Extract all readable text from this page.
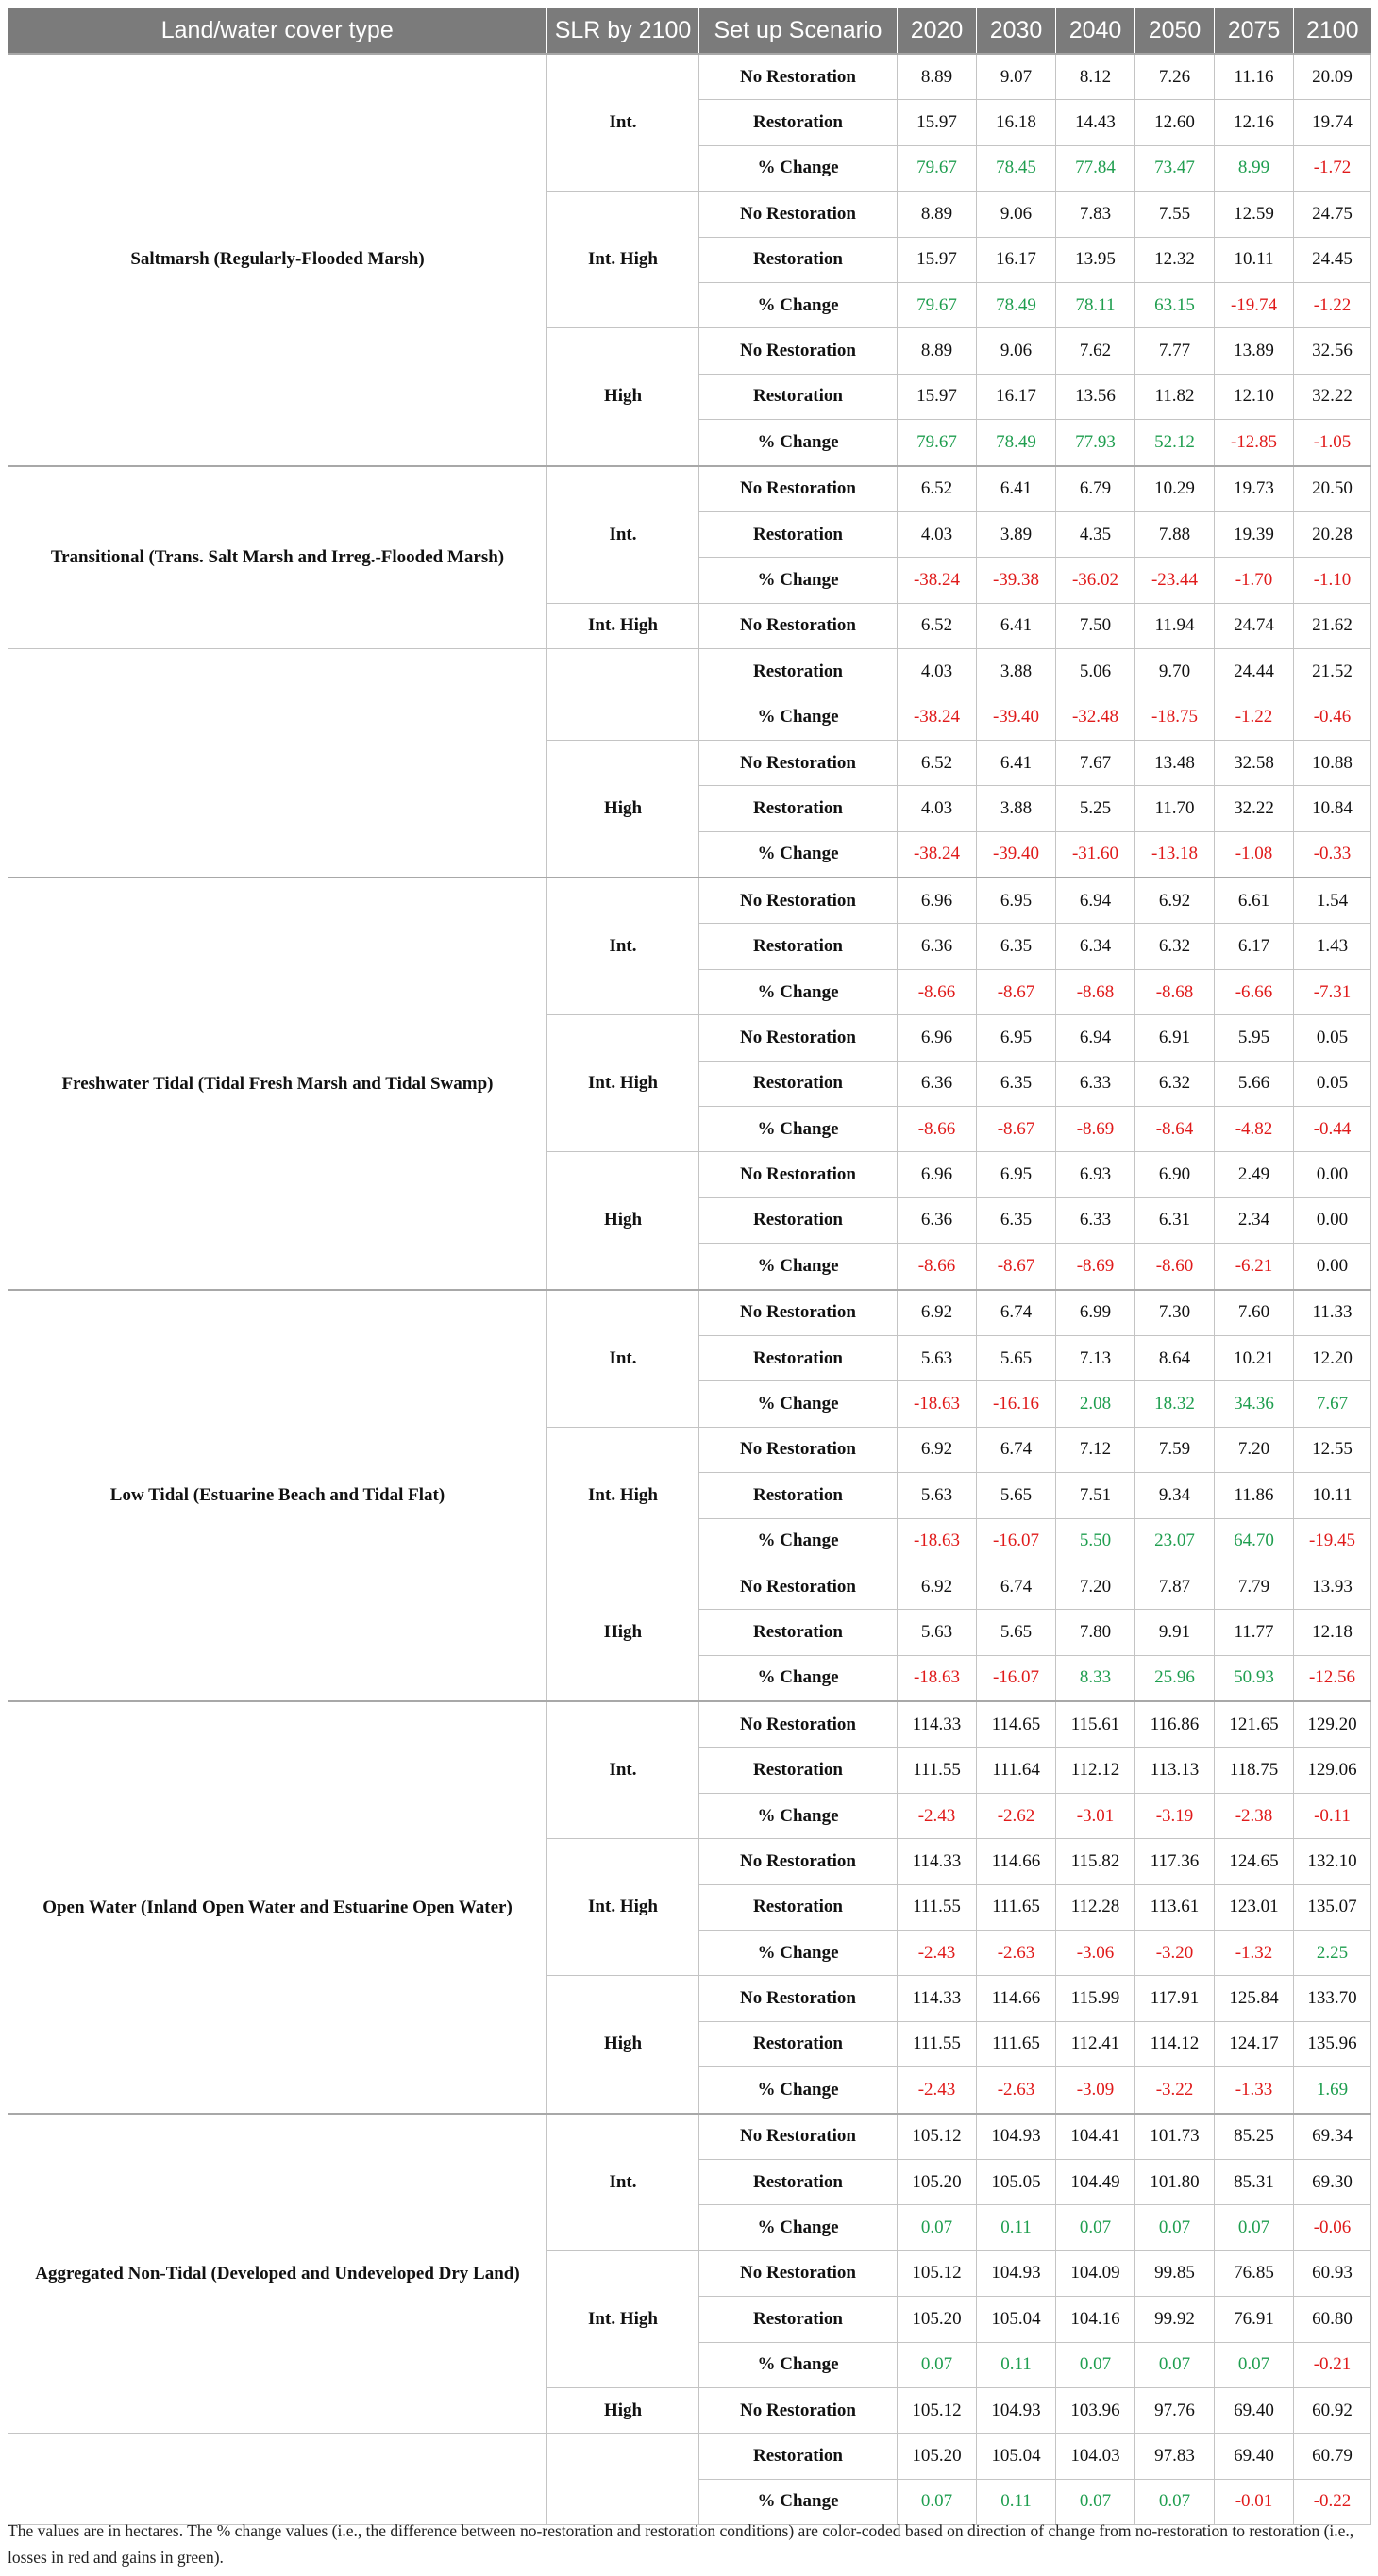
Land/water cover type	SLR by 2100	Set up Scenario	2020	2030	2040	2050	2075	2100
Saltmarsh (Regularly-Flooded Marsh)	Int.	No Restoration	8.89	9.07	8.12	7.26	11.16	20.09
		Restoration	15.97	16.18	14.43	12.60	12.16	19.74
		% Change	79.67	78.45	77.84	73.47	8.99	-1.72
	Int. High	No Restoration	8.89	9.06	7.83	7.55	12.59	24.75
		Restoration	15.97	16.17	13.95	12.32	10.11	24.45
		% Change	79.67	78.49	78.11	63.15	-19.74	-1.22
	High	No Restoration	8.89	9.06	7.62	7.77	13.89	32.56
		Restoration	15.97	16.17	13.56	11.82	12.10	32.22
		% Change	79.67	78.49	77.93	52.12	-12.85	-1.05
Transitional (Trans. Salt Marsh and Irreg.-Flooded Marsh)	Int.	No Restoration	6.52	6.41	6.79	10.29	19.73	20.50
		Restoration	4.03	3.89	4.35	7.88	19.39	20.28
		% Change	-38.24	-39.38	-36.02	-23.44	-1.70	-1.10
	Int. High	No Restoration	6.52	6.41	7.50	11.94	24.74	21.62
		Restoration	4.03	3.88	5.06	9.70	24.44	21.52
		% Change	-38.24	-39.40	-32.48	-18.75	-1.22	-0.46
	High	No Restoration	6.52	6.41	7.67	13.48	32.58	10.88
		Restoration	4.03	3.88	5.25	11.70	32.22	10.84
		% Change	-38.24	-39.40	-31.60	-13.18	-1.08	-0.33
Freshwater Tidal (Tidal Fresh Marsh and Tidal Swamp)	Int.	No Restoration	6.96	6.95	6.94	6.92	6.61	1.54
		Restoration	6.36	6.35	6.34	6.32	6.17	1.43
		% Change	-8.66	-8.67	-8.68	-8.68	-6.66	-7.31
	Int. High	No Restoration	6.96	6.95	6.94	6.91	5.95	0.05
		Restoration	6.36	6.35	6.33	6.32	5.66	0.05
		% Change	-8.66	-8.67	-8.69	-8.64	-4.82	-0.44
	High	No Restoration	6.96	6.95	6.93	6.90	2.49	0.00
		Restoration	6.36	6.35	6.33	6.31	2.34	0.00
		% Change	-8.66	-8.67	-8.69	-8.60	-6.21	0.00
Low Tidal (Estuarine Beach and Tidal Flat)	Int.	No Restoration	6.92	6.74	6.99	7.30	7.60	11.33
		Restoration	5.63	5.65	7.13	8.64	10.21	12.20
		% Change	-18.63	-16.16	2.08	18.32	34.36	7.67
	Int. High	No Restoration	6.92	6.74	7.12	7.59	7.20	12.55
		Restoration	5.63	5.65	7.51	9.34	11.86	10.11
		% Change	-18.63	-16.07	5.50	23.07	64.70	-19.45
	High	No Restoration	6.92	6.74	7.20	7.87	7.79	13.93
		Restoration	5.63	5.65	7.80	9.91	11.77	12.18
		% Change	-18.63	-16.07	8.33	25.96	50.93	-12.56
Open Water (Inland Open Water and Estuarine Open Water)	Int.	No Restoration	114.33	114.65	115.61	116.86	121.65	129.20
		Restoration	111.55	111.64	112.12	113.13	118.75	129.06
		% Change	-2.43	-2.62	-3.01	-3.19	-2.38	-0.11
	Int. High	No Restoration	114.33	114.66	115.82	117.36	124.65	132.10
		Restoration	111.55	111.65	112.28	113.61	123.01	135.07
		% Change	-2.43	-2.63	-3.06	-3.20	-1.32	2.25
	High	No Restoration	114.33	114.66	115.99	117.91	125.84	133.70
		Restoration	111.55	111.65	112.41	114.12	124.17	135.96
		% Change	-2.43	-2.63	-3.09	-3.22	-1.33	1.69
Aggregated Non-Tidal (Developed and Undeveloped Dry Land)	Int.	No Restoration	105.12	104.93	104.41	101.73	85.25	69.34
		Restoration	105.20	105.05	104.49	101.80	85.31	69.30
		% Change	0.07	0.11	0.07	0.07	0.07	-0.06
	Int. High	No Restoration	105.12	104.93	104.09	99.85	76.85	60.93
		Restoration	105.20	105.04	104.16	99.92	76.91	60.80
		% Change	0.07	0.11	0.07	0.07	0.07	-0.21
	High	No Restoration	105.12	104.93	103.96	97.76	69.40	60.92
		Restoration	105.20	105.04	104.03	97.83	69.40	60.79
		% Change	0.07	0.11	0.07	0.07	-0.01	-0.22

The values are in hectares. The % change values (i.e., the difference between no-restoration and restoration conditions) are color-coded based on direction of change from no-restoration to restoration (i.e., losses in red and gains in green).
